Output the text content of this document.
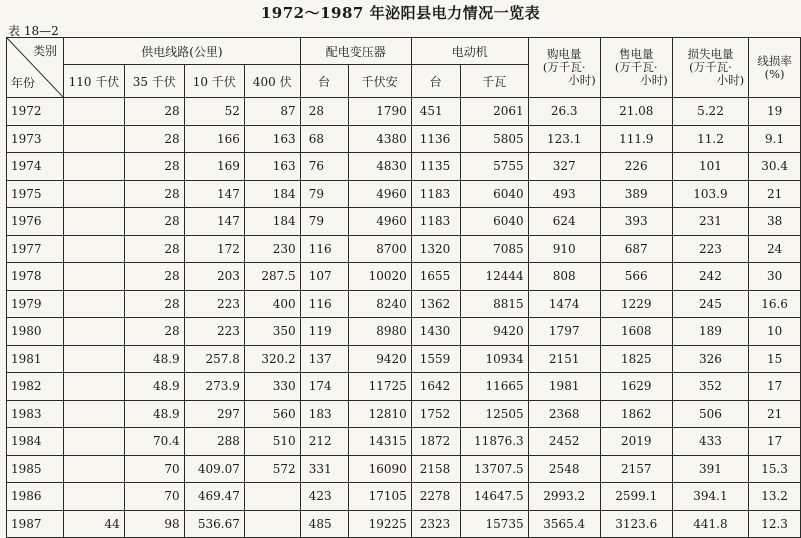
1972～1987 年泌阳县电力情况一览表
表 18—2
类别
年份	供电线路(公里)				配电变压器		电动机		购电量
(万千瓦·
小时)	售电量
(万千瓦·
小时)	损失电量
(万千瓦·
小时)	线损率
(%)
	110 千伏	35 千伏	10 千伏	400 伏	台	千伏安	台	千瓦				
1972		28	52	87	28	1790	451	2061	26.3	21.08	5.22	19
1973		28	166	163	68	4380	1136	5805	123.1	111.9	11.2	9.1
1974		28	169	163	76	4830	1135	5755	327	226	101	30.4
1975		28	147	184	79	4960	1183	6040	493	389	103.9	21
1976		28	147	184	79	4960	1183	6040	624	393	231	38
1977		28	172	230	116	8700	1320	7085	910	687	223	24
1978		28	203	287.5	107	10020	1655	12444	808	566	242	30
1979		28	223	400	116	8240	1362	8815	1474	1229	245	16.6
1980		28	223	350	119	8980	1430	9420	1797	1608	189	10
1981		48.9	257.8	320.2	137	9420	1559	10934	2151	1825	326	15
1982		48.9	273.9	330	174	11725	1642	11665	1981	1629	352	17
1983		48.9	297	560	183	12810	1752	12505	2368	1862	506	21
1984		70.4	288	510	212	14315	1872	11876.3	2452	2019	433	17
1985		70	409.07	572	331	16090	2158	13707.5	2548	2157	391	15.3
1986		70	469.47		423	17105	2278	14647.5	2993.2	2599.1	394.1	13.2
1987	44	98	536.67		485	19225	2323	15735	3565.4	3123.6	441.8	12.3
